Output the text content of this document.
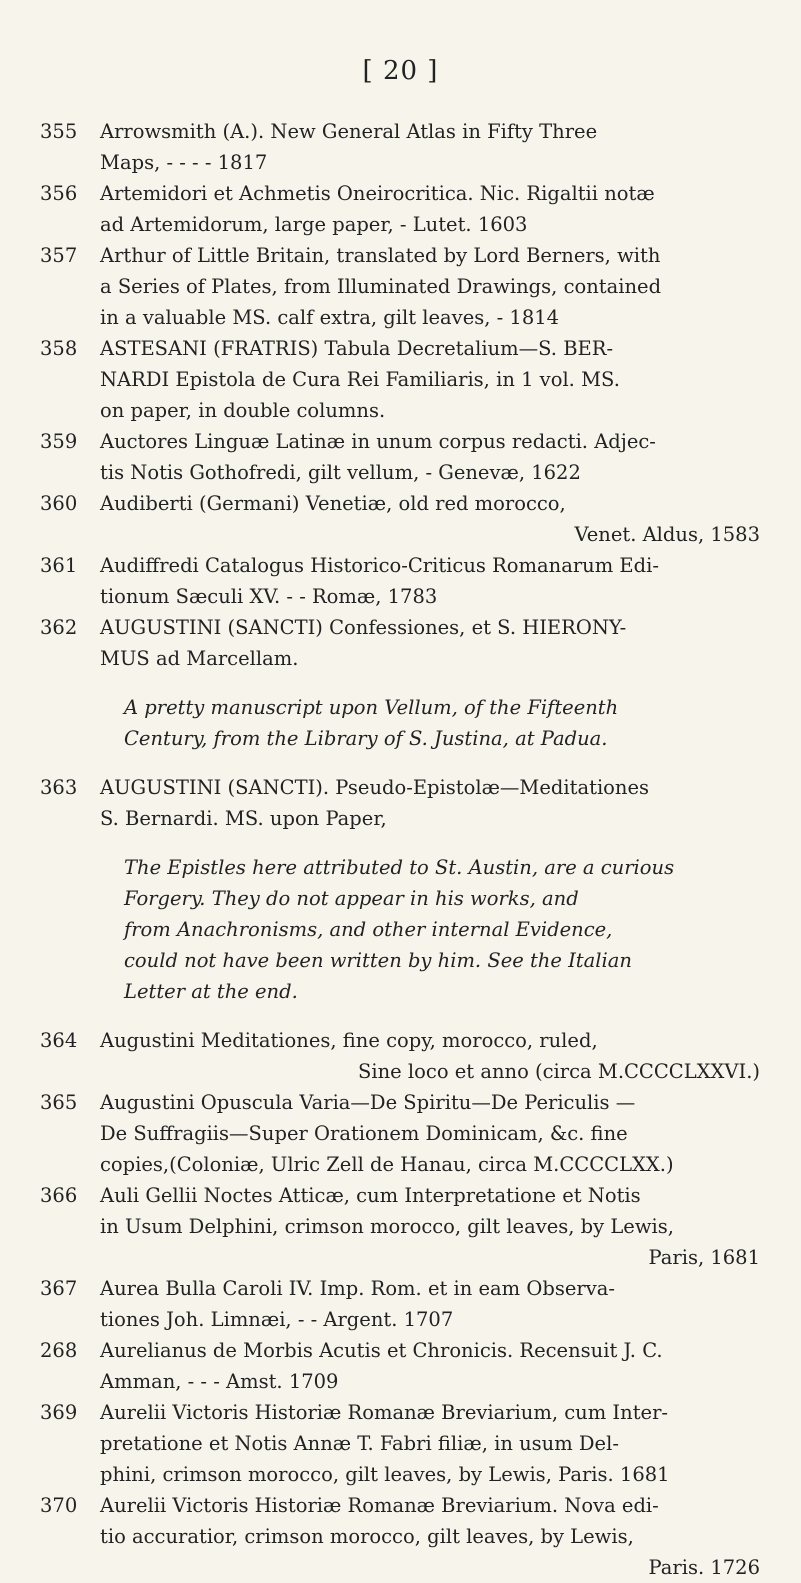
[ 20 ]
355	Arrowsmith (A.). New General Atlas in Fifty Three
Maps, - - - - 1817
356	Artemidori et Achmetis Oneirocritica. Nic. Rigaltii notæ
ad Artemidorum, large paper, - Lutet. 1603
357	Arthur of Little Britain, translated by Lord Berners, with
a Series of Plates, from Illuminated Drawings, contained
in a valuable MS. calf extra, gilt leaves, - 1814
358	ASTESANI (FRATRIS) Tabula Decretalium—S. BER-
NARDI Epistola de Cura Rei Familiaris, in 1 vol. MS.
on paper, in double columns.
359	Auctores Linguæ Latinæ in unum corpus redacti. Adjec-
tis Notis Gothofredi, gilt vellum, - Genevæ, 1622
360	Audiberti (Germani) Venetiæ, old red morocco,
Venet. Aldus, 1583
361	Audiffredi Catalogus Historico-Criticus Romanarum Edi-
tionum Sæculi XV. - - Romæ, 1783
362	AUGUSTINI (SANCTI) Confessiones, et S. HIERONY-
MUS ad Marcellam.
A pretty manuscript upon Vellum, of the Fifteenth
Century, from the Library of S. Justina, at Padua.
363	AUGUSTINI (SANCTI). Pseudo-Epistolæ—Meditationes
S. Bernardi. MS. upon Paper,
The Epistles here attributed to St. Austin, are a curious
Forgery. They do not appear in his works, and
from Anachronisms, and other internal Evidence,
could not have been written by him. See the Italian
Letter at the end.
364	Augustini Meditationes, fine copy, morocco, ruled,
Sine loco et anno (circa M.CCCCLXXVI.)
365	Augustini Opuscula Varia—De Spiritu—De Periculis —
De Suffragiis—Super Orationem Dominicam, &c. fine
copies,(Coloniæ, Ulric Zell de Hanau, circa M.CCCCLXX.)
366	Auli Gellii Noctes Atticæ, cum Interpretatione et Notis
in Usum Delphini, crimson morocco, gilt leaves, by Lewis,
Paris, 1681
367	Aurea Bulla Caroli IV. Imp. Rom. et in eam Observa-
tiones Joh. Limnæi, - - Argent. 1707
268	Aurelianus de Morbis Acutis et Chronicis. Recensuit J. C.
Amman, - - - Amst. 1709
369	Aurelii Victoris Historiæ Romanæ Breviarium, cum Inter-
pretatione et Notis Annæ T. Fabri filiæ, in usum Del-
phini, crimson morocco, gilt leaves, by Lewis, Paris. 1681
370	Aurelii Victoris Historiæ Romanæ Breviarium. Nova edi-
tio accuratior, crimson morocco, gilt leaves, by Lewis,
Paris. 1726
